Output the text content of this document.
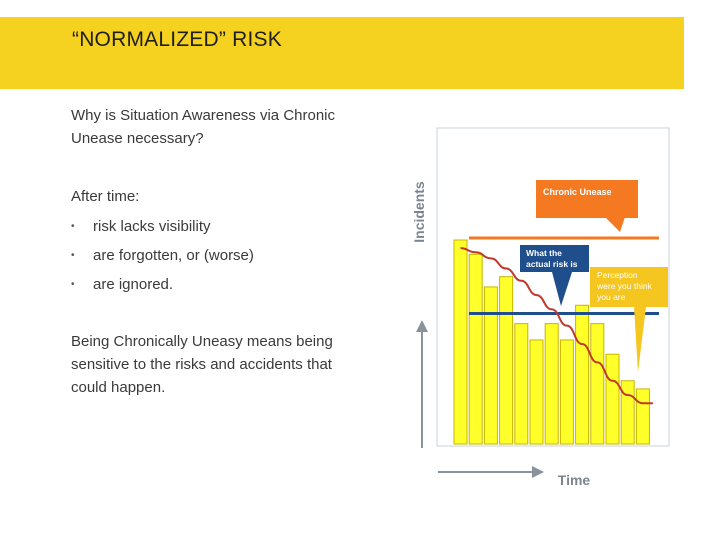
“NORMALIZED” RISK
Why is Situation Awareness via Chronic Unease necessary?
After time:
• risk lacks visibility
• are forgotten, or (worse)
• are ignored.
Being Chronically Uneasy means being sensitive to the risks and accidents that could happen.
Incidents
Time
Chronic Unease
What the actual risk is
Perception were you think you are
